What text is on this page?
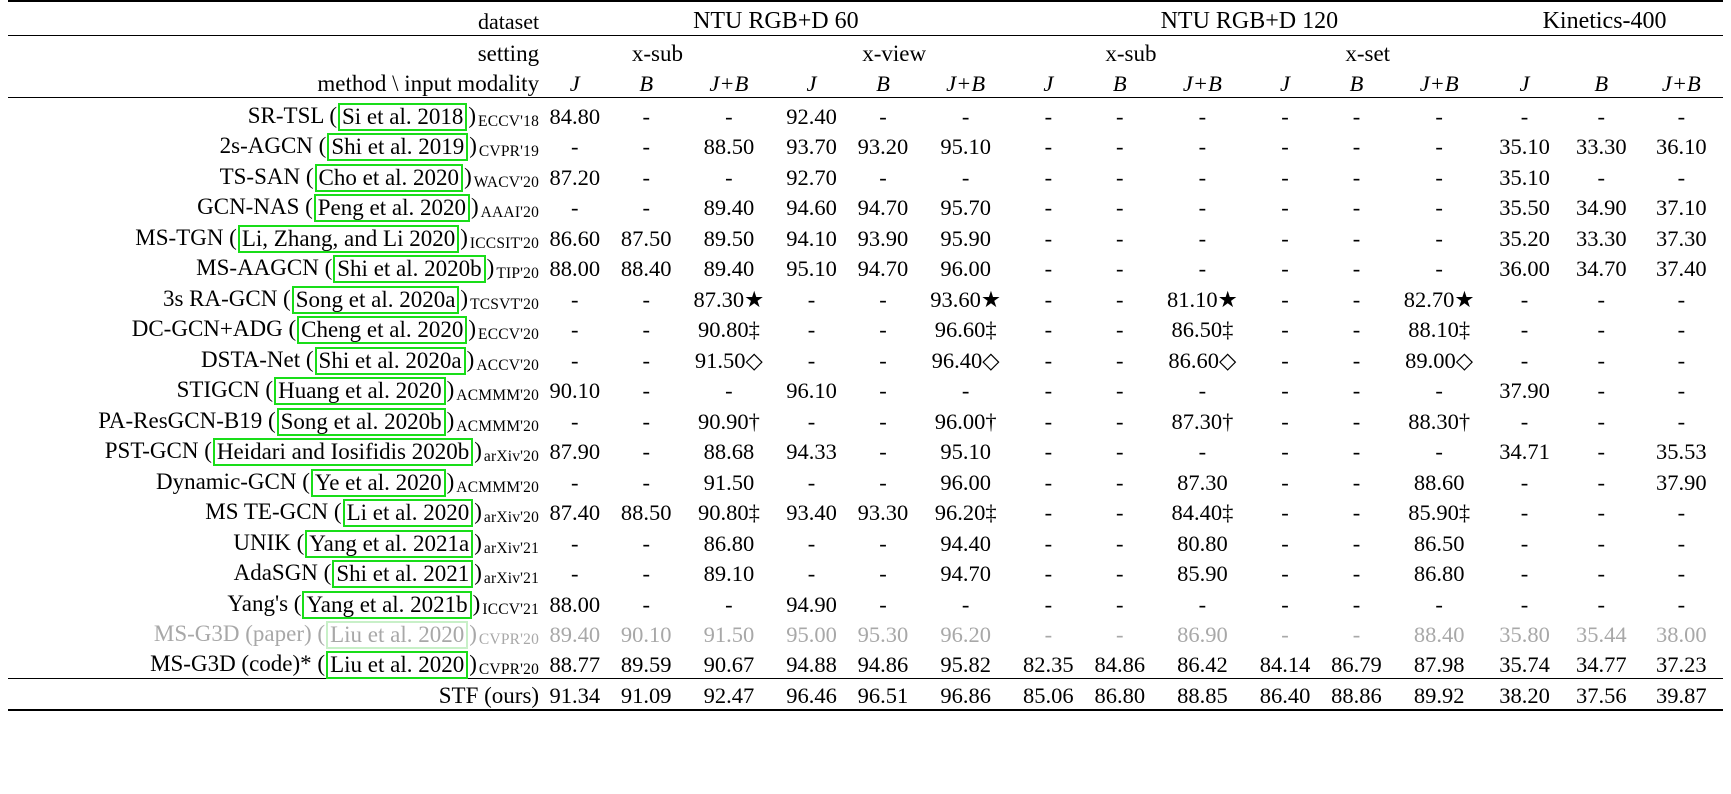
dataset	NTU RGB+D 60						NTU RGB+D 120						Kinetics-400		
setting	x-sub			x-view			x-sub			x-set					
method \ input modality	J	B	J+B	J	B	J+B	J	B	J+B	J	B	J+B	J	B	J+B
SR-TSL ( Si et al. 2018 ) ECCV'18	84.80	-	-	92.40	-	-	-	-	-	-	-	-	-	-	-
2s-AGCN ( Shi et al. 2019 ) CVPR'19	-	-	88.50	93.70	93.20	95.10	-	-	-	-	-	-	35.10	33.30	36.10
TS-SAN ( Cho et al. 2020 ) WACV'20	87.20	-	-	92.70	-	-	-	-	-	-	-	-	35.10	-	-
GCN-NAS ( Peng et al. 2020 ) AAAI'20	-	-	89.40	94.60	94.70	95.70	-	-	-	-	-	-	35.50	34.90	37.10
MS-TGN ( Li, Zhang, and Li 2020 ) ICCSIT'20	86.60	87.50	89.50	94.10	93.90	95.90	-	-	-	-	-	-	35.20	33.30	37.30
MS-AAGCN ( Shi et al. 2020b ) TIP'20	88.00	88.40	89.40	95.10	94.70	96.00	-	-	-	-	-	-	36.00	34.70	37.40
3s RA-GCN ( Song et al. 2020a ) TCSVT'20	-	-	87.30★	-	-	93.60★	-	-	81.10★	-	-	82.70★	-	-	-
DC-GCN+ADG ( Cheng et al. 2020 ) ECCV'20	-	-	90.80‡	-	-	96.60‡	-	-	86.50‡	-	-	88.10‡	-	-	-
DSTA-Net ( Shi et al. 2020a ) ACCV'20	-	-	91.50◇	-	-	96.40◇	-	-	86.60◇	-	-	89.00◇	-	-	-
STIGCN ( Huang et al. 2020 ) ACMMM'20	90.10	-	-	96.10	-	-	-	-	-	-	-	-	37.90	-	-
PA-ResGCN-B19 ( Song et al. 2020b ) ACMMM'20	-	-	90.90†	-	-	96.00†	-	-	87.30†	-	-	88.30†	-	-	-
PST-GCN ( Heidari and Iosifidis 2020b ) arXiv'20	87.90	-	88.68	94.33	-	95.10	-	-	-	-	-	-	34.71	-	35.53
Dynamic-GCN ( Ye et al. 2020 ) ACMMM'20	-	-	91.50	-	-	96.00	-	-	87.30	-	-	88.60	-	-	37.90
MS TE-GCN ( Li et al. 2020 ) arXiv'20	87.40	88.50	90.80‡	93.40	93.30	96.20‡	-	-	84.40‡	-	-	85.90‡	-	-	-
UNIK ( Yang et al. 2021a ) arXiv'21	-	-	86.80	-	-	94.40	-	-	80.80	-	-	86.50	-	-	-
AdaSGN ( Shi et al. 2021 ) arXiv'21	-	-	89.10	-	-	94.70	-	-	85.90	-	-	86.80	-	-	-
Yang's ( Yang et al. 2021b ) ICCV'21	88.00	-	-	94.90	-	-	-	-	-	-	-	-	-	-	-
MS-G3D (paper) ( Liu et al. 2020 ) CVPR'20	89.40	90.10	91.50	95.00	95.30	96.20	-	-	86.90	-	-	88.40	35.80	35.44	38.00
MS-G3D (code)* ( Liu et al. 2020 ) CVPR'20	88.77	89.59	90.67	94.88	94.86	95.82	82.35	84.86	86.42	84.14	86.79	87.98	35.74	34.77	37.23
STF (ours)	91.34	91.09	92.47	96.46	96.51	96.86	85.06	86.80	88.85	86.40	88.86	89.92	38.20	37.56	39.87
